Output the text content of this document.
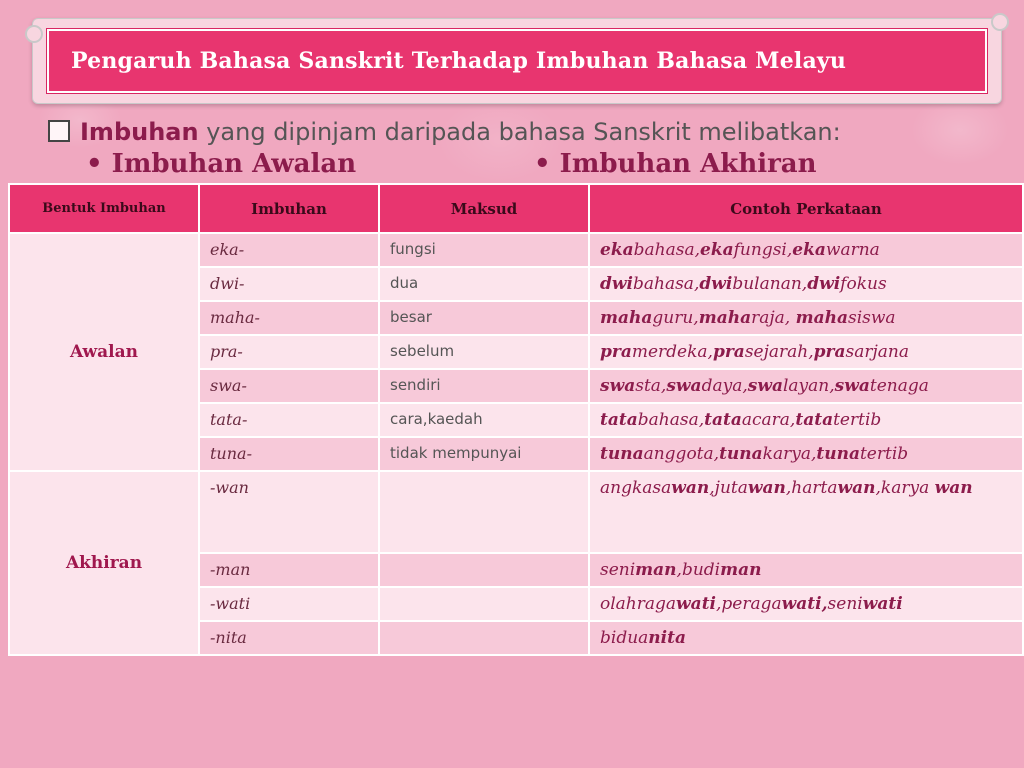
Pengaruh Bahasa Sanskrit Terhadap Imbuhan Bahasa Melayu
Imbuhan yang dipinjam daripada bahasa Sanskrit melibatkan:
• Imbuhan Awalan	• Imbuhan Akhiran
Bentuk Imbuhan	Imbuhan	Maksud	Contoh Perkataan
Awalan	eka-	fungsi	ekabahasa,ekafungsi,ekawarna
	dwi-	dua	dwibahasa,dwibulanan,dwifokus
	maha-	besar	mahaguru,maharaja, mahasiswa
	pra-	sebelum	pramerdeka,prasejarah,prasarjana
	swa-	sendiri	swasta,swadaya,swalayan,swatenaga
	tata-	cara,kaedah	tatabahasa,tataacara,tatatertib
	tuna-	tidak mempunyai	tunaanggota,tunakarya,tunatertib
Akhiran	-wan		angkasawan,jutawan,hartawan,karya wan
	-man		seniman,budiman
	-wati		olahragawati,peragawati,seniwati
	-nita		biduanita
